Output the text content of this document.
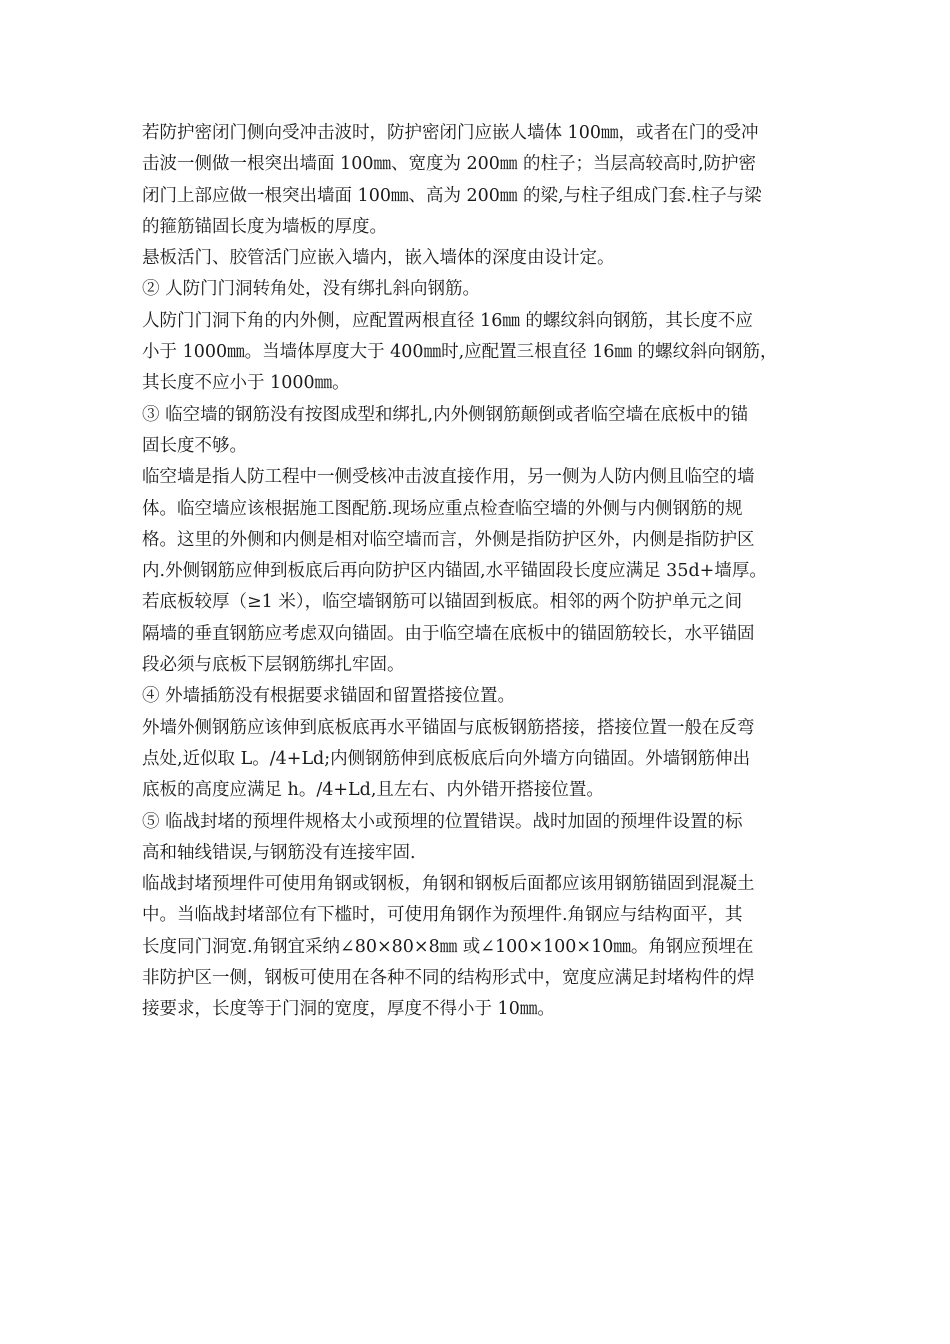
若防护密闭门侧向受冲击波时，防护密闭门应嵌人墙体 100㎜，或者在门的受冲
击波一侧做一根突出墙面 100㎜、宽度为 200㎜ 的柱子；当层高较高时,防护密
闭门上部应做一根突出墙面 100㎜、高为 200㎜ 的梁,与柱子组成门套.柱子与梁
的箍筋锚固长度为墙板的厚度。
悬板活门、胶管活门应嵌入墙内，嵌入墙体的深度由设计定。
② 人防门门洞转角处，没有绑扎斜向钢筋。
人防门门洞下角的内外侧，应配置两根直径 16㎜ 的螺纹斜向钢筋，其长度不应
小于 1000㎜。当墙体厚度大于 400㎜时,应配置三根直径 16㎜ 的螺纹斜向钢筋，
其长度不应小于 1000㎜。
③ 临空墙的钢筋没有按图成型和绑扎,内外侧钢筋颠倒或者临空墙在底板中的锚
固长度不够。
临空墙是指人防工程中一侧受核冲击波直接作用，另一侧为人防内侧且临空的墙
体。临空墙应该根据施工图配筋.现场应重点检查临空墙的外侧与内侧钢筋的规
格。这里的外侧和内侧是相对临空墙而言，外侧是指防护区外，内侧是指防护区
内.外侧钢筋应伸到板底后再向防护区内锚固,水平锚固段长度应满足 35d+墙厚。
若底板较厚（≥1 米），临空墙钢筋可以锚固到板底。相邻的两个防护单元之间
隔墙的垂直钢筋应考虑双向锚固。由于临空墙在底板中的锚固筋较长，水平锚固
段必须与底板下层钢筋绑扎牢固。
④ 外墙插筋没有根据要求锚固和留置搭接位置。
外墙外侧钢筋应该伸到底板底再水平锚固与底板钢筋搭接，搭接位置一般在反弯
点处,近似取 L。/4+Ld;内侧钢筋伸到底板底后向外墙方向锚固。外墙钢筋伸出
底板的高度应满足 h。/4+Ld,且左右、内外错开搭接位置。
⑤ 临战封堵的预埋件规格太小或预埋的位置错误。战时加固的预埋件设置的标
高和轴线错误,与钢筋没有连接牢固.
临战封堵预埋件可使用角钢或钢板，角钢和钢板后面都应该用钢筋锚固到混凝土
中。当临战封堵部位有下槛时，可使用角钢作为预埋件.角钢应与结构面平，其
长度同门洞宽.角钢宜采纳∠80×80×8㎜ 或∠100×100×10㎜。角钢应预埋在
非防护区一侧，钢板可使用在各种不同的结构形式中，宽度应满足封堵构件的焊
接要求，长度等于门洞的宽度，厚度不得小于 10㎜。
